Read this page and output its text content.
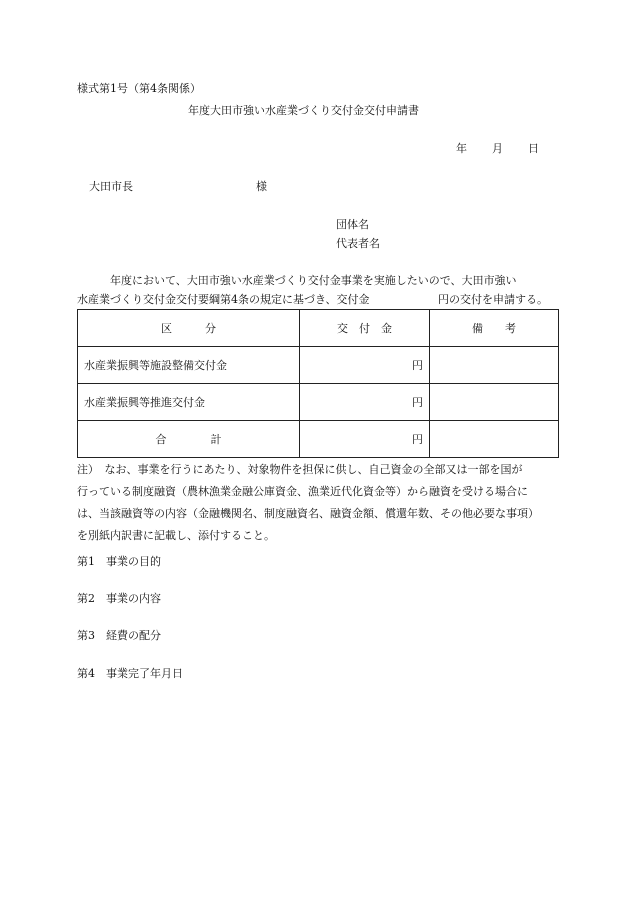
様式第1号（第4条関係）
年度大田市強い水産業づくり交付金交付申請書
年 月 日
大田市長	様
団体名
代表者名
年度において、大田市強い水産業づくり交付金事業を実施したいので、大田市強い
水産業づくり交付金交付要綱第4条の規定に基づき、交付金	円の交付を申請する。
区　　　分	交　付　金	備　　考
水産業振興等施設整備交付金	円	
水産業振興等推進交付金	円	
合　　　　計	円	
注）　なお、事業を行うにあたり、対象物件を担保に供し、自己資金の全部又は一部を国が
行っている制度融資（農林漁業金融公庫資金、漁業近代化資金等）から融資を受ける場合に
は、当該融資等の内容（金融機関名、制度融資名、融資金額、償還年数、その他必要な事項）
を別紙内訳書に記載し、添付すること。
第1　事業の目的
第2　事業の内容
第3　経費の配分
第4　事業完了年月日
